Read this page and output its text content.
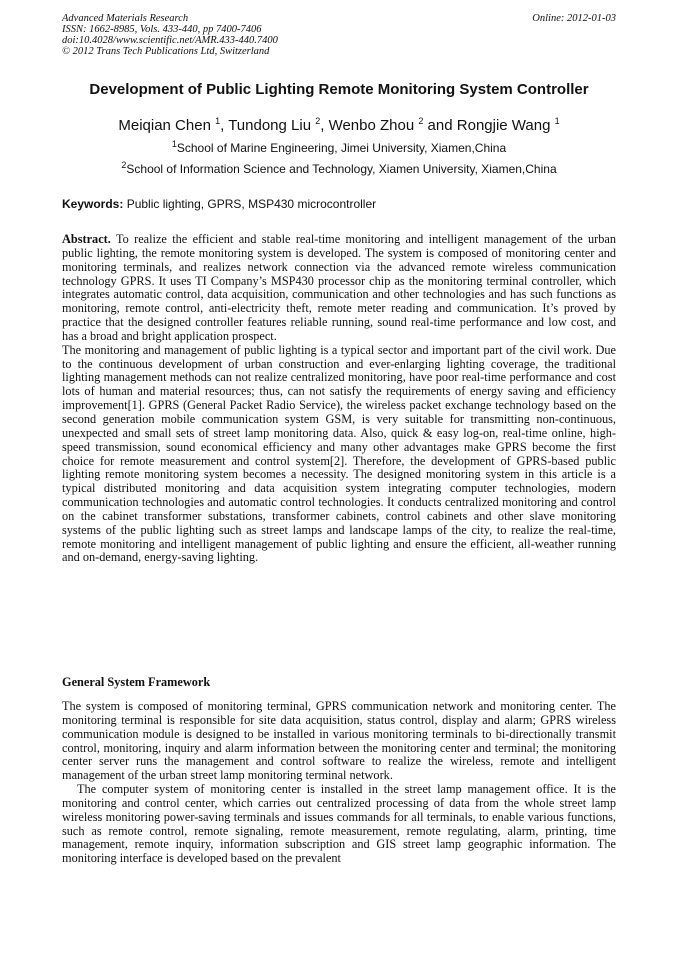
Advanced Materials Research
ISSN: 1662-8985, Vols. 433-440, pp 7400-7406
doi:10.4028/www.scientific.net/AMR.433-440.7400
© 2012 Trans Tech Publications Ltd, Switzerland
Online: 2012-01-03
Development of Public Lighting Remote Monitoring System Controller
Meiqian Chen $^1$, Tundong Liu $^2$, Wenbo Zhou $^2$ and Rongjie Wang $^1$
$^1$School of Marine Engineering, Jimei University, Xiamen,China
$^2$School of Information Science and Technology, Xiamen University, Xiamen,China
Keywords: Public lighting, GPRS, MSP430 microcontroller

Abstract. To realize the efficient and stable real-time monitoring and intelligent management of the urban public lighting, the remote monitoring system is developed. The system is composed of monitoring center and monitoring terminals, and realizes network connection via the advanced remote wireless communication technology GPRS. It uses TI Company’s MSP430 processor chip as the monitoring terminal controller, which integrates automatic control, data acquisition, communication and other technologies and has such functions as monitoring, remote control, anti-electricity theft, remote meter reading and communication. It’s proved by practice that the designed controller features reliable running, sound real-time performance and low cost, and has a broad and bright application prospect.

The monitoring and management of public lighting is a typical sector and important part of the civil work. Due to the continuous development of urban construction and ever-enlarging lighting coverage, the traditional lighting management methods can not realize centralized monitoring, have poor real-time performance and cost lots of human and material resources; thus, can not satisfy the requirements of energy saving and efficiency improvement[1]. GPRS (General Packet Radio Service), the wireless packet exchange technology based on the second generation mobile communication system GSM, is very suitable for transmitting non-continuous, unexpected and small sets of street lamp monitoring data. Also, quick & easy log-on, real-time online, high-speed transmission, sound economical efficiency and many other advantages make GPRS become the first choice for remote measurement and control system[2]. Therefore, the development of GPRS-based public lighting remote monitoring system becomes a necessity. The designed monitoring system in this article is a typical distributed monitoring and data acquisition system integrating computer technologies, modern communication technologies and automatic control technologies. It conducts centralized monitoring and control on the cabinet transformer substations, transformer cabinets, control cabinets and other slave monitoring systems of the public lighting such as street lamps and landscape lamps of the city, to realize the real-time, remote monitoring and intelligent management of public lighting and ensure the efficient, all-weather running and on-demand, energy-saving lighting.

General System Framework

The system is composed of monitoring terminal, GPRS communication network and monitoring center. The monitoring terminal is responsible for site data acquisition, status control, display and alarm; GPRS wireless communication module is designed to be installed in various monitoring terminals to bi-directionally transmit control, monitoring, inquiry and alarm information between the monitoring center and terminal; the monitoring center server runs the management and control software to realize the wireless, remote and intelligent management of the urban street lamp monitoring terminal network.

The computer system of monitoring center is installed in the street lamp management office. It is the monitoring and control center, which carries out centralized processing of data from the whole street lamp wireless monitoring power-saving terminals and issues commands for all terminals, to enable various functions, such as remote control, remote signaling, remote measurement, remote regulating, alarm, printing, time management, remote inquiry, information subscription and GIS street lamp geographic information. The monitoring interface is developed based on the prevalent
